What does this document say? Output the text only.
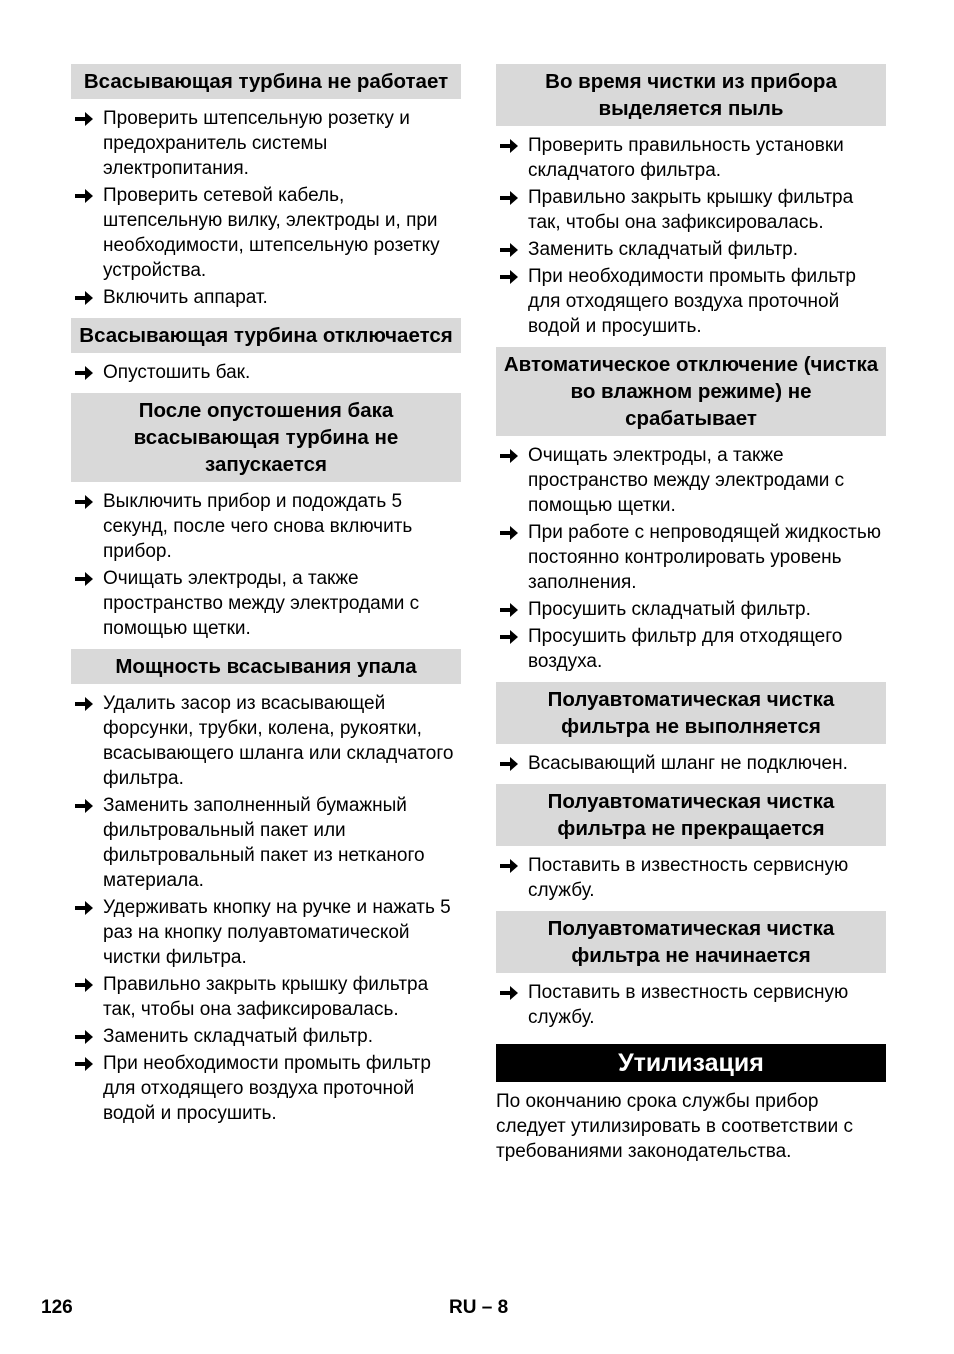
Всасывающая турбина не работает
Проверить штепсельную розетку и предохранитель системы электропитания.
Проверить сетевой кабель, штепсельную вилку, электроды и, при необходимости, штепсельную розетку устройства.
Включить аппарат.
Всасывающая турбина отключается
Опустошить бак.
После опустошения бака всасывающая турбина не запускается
Выключить прибор и подождать 5 секунд, после чего снова включить прибор.
Очищать электроды, а также пространство между электродами с помощью щетки.
Мощность всасывания упала
Удалить засор из всасывающей форсунки, трубки, колена, рукоятки, всасывающего шланга или складчатого фильтра.
Заменить заполненный бумажный фильтровальный пакет или фильтровальный пакет из нетканого материала.
Удерживать кнопку на ручке и нажать 5 раз на кнопку полуавтоматической чистки фильтра.
Правильно закрыть крышку фильтра так, чтобы она зафиксировалась.
Заменить складчатый фильтр.
При необходимости промыть фильтр для отходящего воздуха проточной водой и просушить.
Во время чистки из прибора выделяется пыль
Проверить правильность установки складчатого фильтра.
Правильно закрыть крышку фильтра так, чтобы она зафиксировалась.
Заменить складчатый фильтр.
При необходимости промыть фильтр для отходящего воздуха проточной водой и просушить.
Автоматическое отключение (чистка во влажном режиме) не срабатывает
Очищать электроды, а также пространство между электродами с помощью щетки.
При работе с непроводящей жидкостью постоянно контролировать уровень заполнения.
Просушить складчатый фильтр.
Просушить фильтр для отходящего воздуха.
Полуавтоматическая чистка фильтра не выполняется
Всасывающий шланг не подключен.
Полуавтоматическая чистка фильтра не прекращается
Поставить в известность сервисную службу.
Полуавтоматическая чистка фильтра не начинается
Поставить в известность сервисную службу.
Утилизация
По окончанию срока службы прибор следует утилизировать в соответствии с требованиями законодательства.
126	RU – 8
